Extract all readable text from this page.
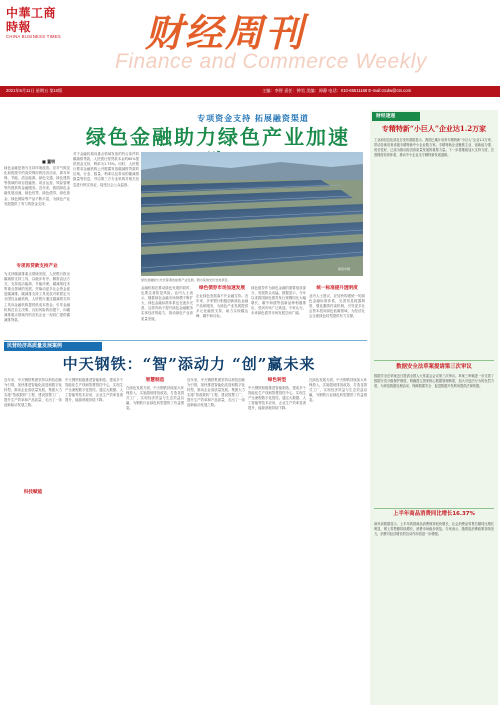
中華工商時報
CHINA BUSINESS TIMES 财经周刊
Finance and Commerce Weekly
2021年6月11日 星期五 第10版	主编：李智 责任：钟昊 美编：郭静 电话：010-65511168 E-mail:ctcdw@ctn.com
专项资金支持 拓展融资渠道
绿色金融助力绿色产业加速
■ 董明
绿色金融是指为支持环境改善、应对气候变化和资源节约高效利用的经济活动，即对环保、节能、清洁能源、绿色交通、绿色建筑等领域的项目投融资、项目运营、风险管理等所提供的金融服务。近年来，我国绿色金融发展迅速，绿色信贷、绿色债券、绿色基金、绿色保险等产品不断丰富，为绿色产业发展提供了有力的资金支持。
专项再贷款支持产业
为支持碳减排重点领域发展，人民银行推出碳减排支持工具，以稳步有序、精准直达方式，支持清洁能源、节能环保、碳减排技术等重点领域的发展，并撬动更多社会资金促进碳减排。碳减排支持工具发放对象暂定为全国性金融机构，人民银行通过碳减排支持工具向金融机构提供低成本资金，引导金融机构在自主决策、自担风险的前提下，向碳减排重点领域内的各类企业一视同仁提供碳减排贷款。
对于金融机构向重点领域发放的符合条件的碳减排贷款，人民银行按贷款本金的60%提供资金支持，利率为1.75%。同时，人民银行要求金融机构公开披露发放碳减排贷款的区域、行业、数量、利率以及带动的碳减排数量等信息，并由第三方专业机构对相关信息进行核实验证，接受社会公众监督。
视觉中国
绿色金融助力光伏等清洁能源产业发展。图为某地光伏发电项目。
金融机构在推动绿色发展的同时，也要注意防范风险。业内人士表示，随着绿色金融市场规模不断扩大，绿色金融标准体系也在逐步完善，这将有助于提升绿色金融服务实体经济的能力，推动绿色产业高质量发展。
绿色债券市场加速发展
企业绿色发展离不开金融支持。近年来，多家银行积极创新绿色金融产品和服务，为绿色产业发展提供多元化融资支持，助力实现碳达峰、碳中和目标。
绿色债券作为绿色金融的重要组成部分，发展势头迅猛。数据显示，今年以来我国绿色债券发行规模同比大幅增长，碳中和债等创新品种相继推出，受到市场广泛欢迎。专家认为，未来绿色债券市场发展空间广阔。
统一标准提升透明度
业内人士建议，应加快构建统一的绿色金融标准体系，完善信息披露制度，强化激励约束机制，引导更多社会资本投向绿色低碳领域，为经济社会全面绿色转型提供有力支撑。
民营经济高质量发展案例
中天钢铁：“智”添动力 “创”赢未来
近年来，中天钢铁集团坚持以科技创新为引领，加快推进智能化改造和数字化转型，推动企业高质量发展。集团大力实施“智改数转”工程，建设智慧工厂，提升生产效率和产品质量，走出了一条创新驱动发展之路。
科技赋能
中天钢铁积极推进智能制造，建成多个智能化生产线和智慧管控中心，实现生产全流程数字化管控。通过大数据、人工智能等技术应用，企业生产效率显著提升，能源消耗持续下降。
智慧制造
在绿色发展方面，中天钢铁持续加大环保投入，实施超低排放改造，打造花园式工厂，实现经济效益与生态效益双赢，为钢铁行业绿色转型提供了有益借鉴。
近年来，中天钢铁集团坚持以科技创新为引领，加快推进智能化改造和数字化转型，推动企业高质量发展。集团大力实施“智改数转”工程，建设智慧工厂，提升生产效率和产品质量，走出了一条创新驱动发展之路。
绿色转型
中天钢铁积极推进智能制造，建成多个智能化生产线和智慧管控中心，实现生产全流程数字化管控。通过大数据、人工智能等技术应用，企业生产效率显著提升，能源消耗持续下降。
在绿色发展方面，中天钢铁持续加大环保投入，实施超低排放改造，打造花园式工厂，实现经济效益与生态效益双赢，为钢铁行业绿色转型提供了有益借鉴。
财经速递
专精特新“小巨人”企业达1.2万家
工业和信息化部近日发布数据显示，我国已累计培育专精特新“小巨人”企业1.2万家，带动各地培育省级专精特新中小企业数万家。专精特新企业聚焦主业、创新能力强、成长性好，已成为推动经济高质量发展的重要力量。下一步将继续加大支持力度，完善梯度培育体系，推动中小企业走专精特新发展道路。
数据安全法草案提请第三次审议
数据安全法草案近日提请全国人大常委会会议第三次审议。草案三审稿进一步完善了数据分类分级保护制度，明确建立国家核心数据管理制度，加大对违法行为的处罚力度，为规范数据处理活动、保障数据安全、促进数据开发利用提供法律依据。
上半年商品消费同比增长16.37%
商务部数据显示，上半年我国商品消费保持较快增长，社会消费品零售总额同比增长明显，网上零售额持续增长，消费市场稳步恢复。专家表示，随着促消费政策持续发力，消费对经济增长的拉动作用将进一步增强。
